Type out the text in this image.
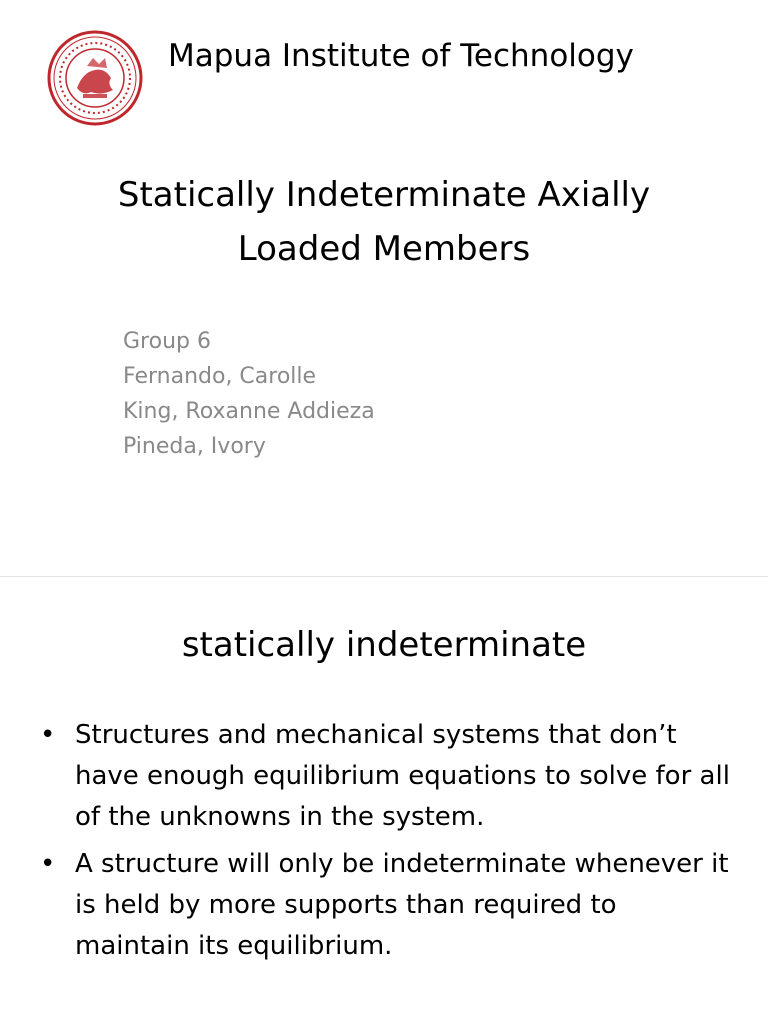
Mapua Institute of Technology
Statically Indeterminate Axially
Loaded Members
Group 6
Fernando, Carolle
King, Roxanne Addieza
Pineda, Ivory
statically indeterminate
• Structures and mechanical systems that don’t have enough equilibrium equations to solve for all of the unknowns in the system.
• A structure will only be indeterminate whenever it is held by more supports than required to maintain its equilibrium.
